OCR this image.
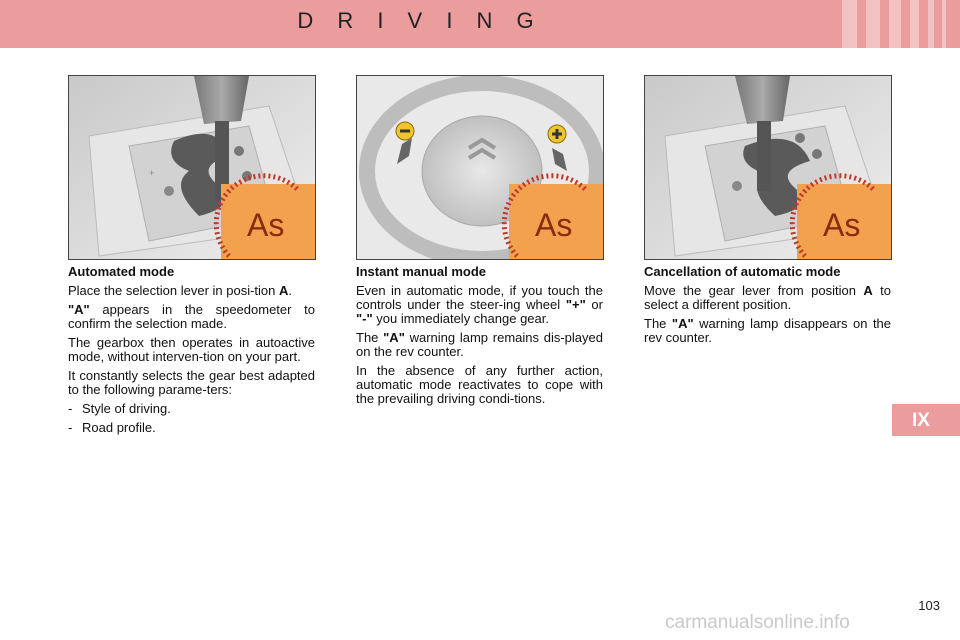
D R I V I N G
+
As	As	As

Automated mode

Place the selection lever in posi-tion A.

"A" appears in the speedometer to confirm the selection made.

The gearbox then operates in autoactive mode, without interven-tion on your part.

It constantly selects the gear best adapted to the following parame-ters:

- Style of driving.
- Road profile.

Instant manual mode

Even in automatic mode, if you touch the controls under the steer-ing wheel "+" or "-" you immediately change gear.

The "A" warning lamp remains dis-played on the rev counter.

In the absence of any further action, automatic mode reactivates to cope with the prevailing driving condi-tions.

Cancellation of automatic mode

Move the gear lever from position A to select a different position.

The "A" warning lamp disappears on the rev counter.

IX
103
carmanualsonline.info
